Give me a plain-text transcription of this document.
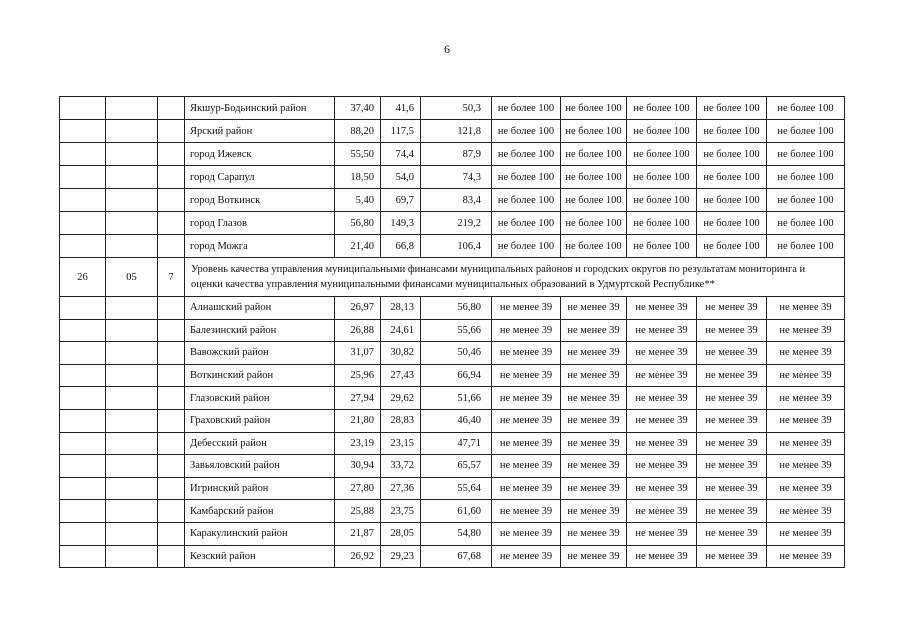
6
			Якшур-Бодьинский район	37,40	41,6	50,3	не более 100	не более 100	не более 100	не более 100	не более 100
			Ярский район	88,20	117,5	121,8	не более 100	не более 100	не более 100	не более 100	не более 100
			город Ижевск	55,50	74,4	87,9	не более 100	не более 100	не более 100	не более 100	не более 100
			город Сарапул	18,50	54,0	74,3	не более 100	не более 100	не более 100	не более 100	не более 100
			город Воткинск	5,40	69,7	83,4	не более 100	не более 100	не более 100	не более 100	не более 100
			город Глазов	56,80	149,3	219,2	не более 100	не более 100	не более 100	не более 100	не более 100
			город Можга	21,40	66,8	106,4	не более 100	не более 100	не более 100	не более 100	не более 100
26	05	7	Уровень качества управления муниципальными финансами муниципальных районов и городских округов по результатам мониторинга и оценки качества управления муниципальными финансами муниципальных образований в Удмуртской Республике**								
			Алнашский район	26,97	28,13	56,80	не менее 39	не менее 39	не менее 39	не менее 39	не менее 39
			Балезинский район	26,88	24,61	55,66	не менее 39	не менее 39	не менее 39	не менее 39	не менее 39
			Вавожский район	31,07	30,82	50,46	не менее 39	не менее 39	не менее 39	не менее 39	не менее 39
			Воткинский район	25,96	27,43	66,94	не менее 39	не менее 39	не менее 39	не менее 39	не менее 39
			Глазовский район	27,94	29,62	51,66	не менее 39	не менее 39	не менее 39	не менее 39	не менее 39
			Граховский район	21,80	28,83	46,40	не менее 39	не менее 39	не менее 39	не менее 39	не менее 39
			Дебесский район	23,19	23,15	47,71	не менее 39	не менее 39	не менее 39	не менее 39	не менее 39
			Завьяловский район	30,94	33,72	65,57	не менее 39	не менее 39	не менее 39	не менее 39	не менее 39
			Игринский район	27,80	27,36	55,64	не менее 39	не менее 39	не менее 39	не менее 39	не менее 39
			Камбарский район	25,88	23,75	61,60	не менее 39	не менее 39	не менее 39	не менее 39	не менее 39
			Каракулинский район	21,87	28,05	54,80	не менее 39	не менее 39	не менее 39	не менее 39	не менее 39
			Кезский район	26,92	29,23	67,68	не менее 39	не менее 39	не менее 39	не менее 39	не менее 39
